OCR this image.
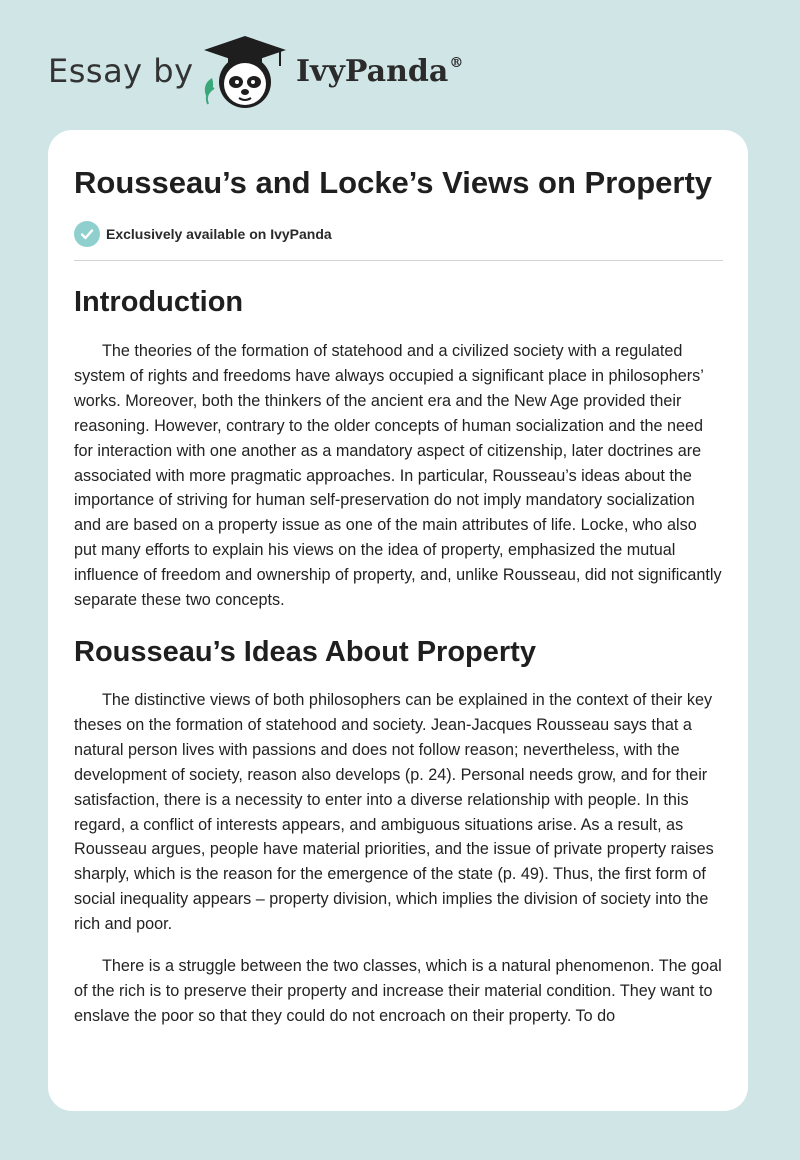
Essay by	IvyPanda®
Rousseau’s and Locke’s Views on Property
Exclusively available on IvyPanda
Introduction

The theories of the formation of statehood and a civilized society with a regulated system of rights and freedoms have always occupied a significant place in philosophers’ works. Moreover, both the thinkers of the ancient era and the New Age provided their reasoning. However, contrary to the older concepts of human socialization and the need for interaction with one another as a mandatory aspect of citizenship, later doctrines are associated with more pragmatic approaches. In particular, Rousseau’s ideas about the importance of striving for human self-preservation do not imply mandatory socialization and are based on a property issue as one of the main attributes of life. Locke, who also put many efforts to explain his views on the idea of property, emphasized the mutual influence of freedom and ownership of property, and, unlike Rousseau, did not significantly separate these two concepts.

Rousseau’s Ideas About Property

The distinctive views of both philosophers can be explained in the context of their key theses on the formation of statehood and society. Jean-Jacques Rousseau says that a natural person lives with passions and does not follow reason; nevertheless, with the development of society, reason also develops (p. 24). Personal needs grow, and for their satisfaction, there is a necessity to enter into a diverse relationship with people. In this regard, a conflict of interests appears, and ambiguous situations arise. As a result, as Rousseau argues, people have material priorities, and the issue of private property raises sharply, which is the reason for the emergence of the state (p. 49). Thus, the first form of social inequality appears – property division, which implies the division of society into the rich and poor.

There is a struggle between the two classes, which is a natural phenomenon. The goal of the rich is to preserve their property and increase their material condition. They want to enslave the poor so that they could do not encroach on their property. To do
